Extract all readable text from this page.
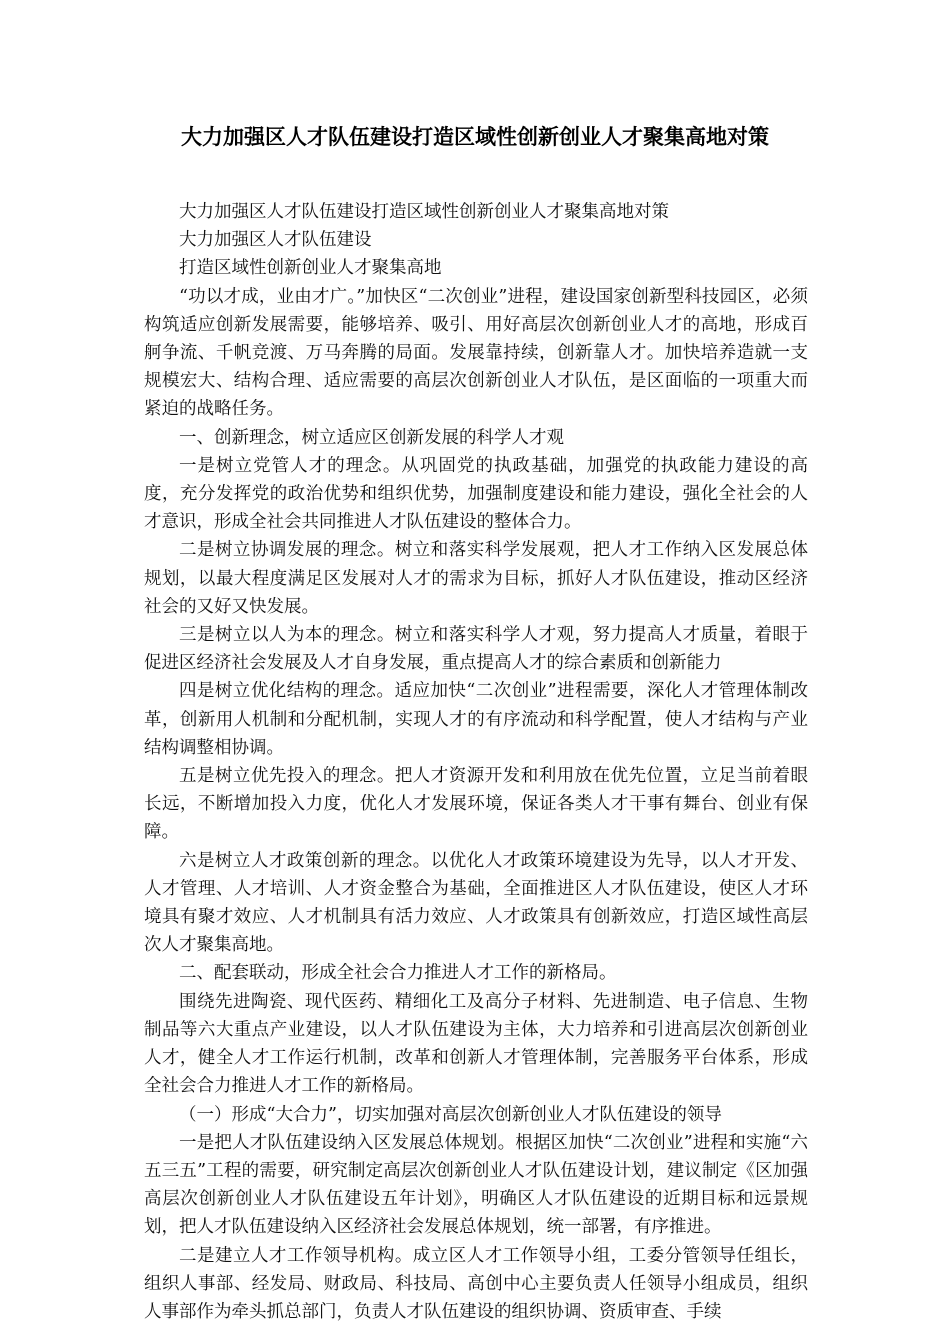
大力加强区人才队伍建设打造区域性创新创业人才聚集高地对策

大力加强区人才队伍建设打造区域性创新创业人才聚集高地对策

大力加强区人才队伍建设

打造区域性创新创业人才聚集高地

“功以才成，业由才广。”加快区“二次创业”进程，建设国家创新型科技园区，必须构筑适应创新发展需要，能够培养、吸引、用好高层次创新创业人才的高地，形成百舸争流、千帆竞渡、万马奔腾的局面。发展靠持续，创新靠人才。加快培养造就一支规模宏大、结构合理、适应需要的高层次创新创业人才队伍，是区面临的一项重大而紧迫的战略任务。

一、创新理念，树立适应区创新发展的科学人才观

一是树立党管人才的理念。从巩固党的执政基础，加强党的执政能力建设的高度，充分发挥党的政治优势和组织优势，加强制度建设和能力建设，强化全社会的人才意识，形成全社会共同推进人才队伍建设的整体合力。

二是树立协调发展的理念。树立和落实科学发展观，把人才工作纳入区发展总体规划，以最大程度满足区发展对人才的需求为目标，抓好人才队伍建设，推动区经济社会的又好又快发展。

三是树立以人为本的理念。树立和落实科学人才观，努力提高人才质量，着眼于促进区经济社会发展及人才自身发展，重点提高人才的综合素质和创新能力

四是树立优化结构的理念。适应加快“二次创业”进程需要，深化人才管理体制改革，创新用人机制和分配机制，实现人才的有序流动和科学配置，使人才结构与产业结构调整相协调。

五是树立优先投入的理念。把人才资源开发和利用放在优先位置，立足当前着眼长远，不断增加投入力度，优化人才发展环境，保证各类人才干事有舞台、创业有保障。

六是树立人才政策创新的理念。以优化人才政策环境建设为先导，以人才开发、人才管理、人才培训、人才资金整合为基础，全面推进区人才队伍建设，使区人才环境具有聚才效应、人才机制具有活力效应、人才政策具有创新效应，打造区域性高层次人才聚集高地。

二、配套联动，形成全社会合力推进人才工作的新格局。

围绕先进陶瓷、现代医药、精细化工及高分子材料、先进制造、电子信息、生物制品等六大重点产业建设，以人才队伍建设为主体，大力培养和引进高层次创新创业人才，健全人才工作运行机制，改革和创新人才管理体制，完善服务平台体系，形成全社会合力推进人才工作的新格局。

（一）形成“大合力”，切实加强对高层次创新创业人才队伍建设的领导

一是把人才队伍建设纳入区发展总体规划。根据区加快“二次创业”进程和实施“六五三五”工程的需要，研究制定高层次创新创业人才队伍建设计划，建议制定《区加强高层次创新创业人才队伍建设五年计划》，明确区人才队伍建设的近期目标和远景规划，把人才队伍建设纳入区经济社会发展总体规划，统一部署，有序推进。

二是建立人才工作领导机构。成立区人才工作领导小组，工委分管领导任组长，组织人事部、经发局、财政局、科技局、高创中心主要负责人任领导小组成员，组织人事部作为牵头抓总部门，负责人才队伍建设的组织协调、资质审查、手续
